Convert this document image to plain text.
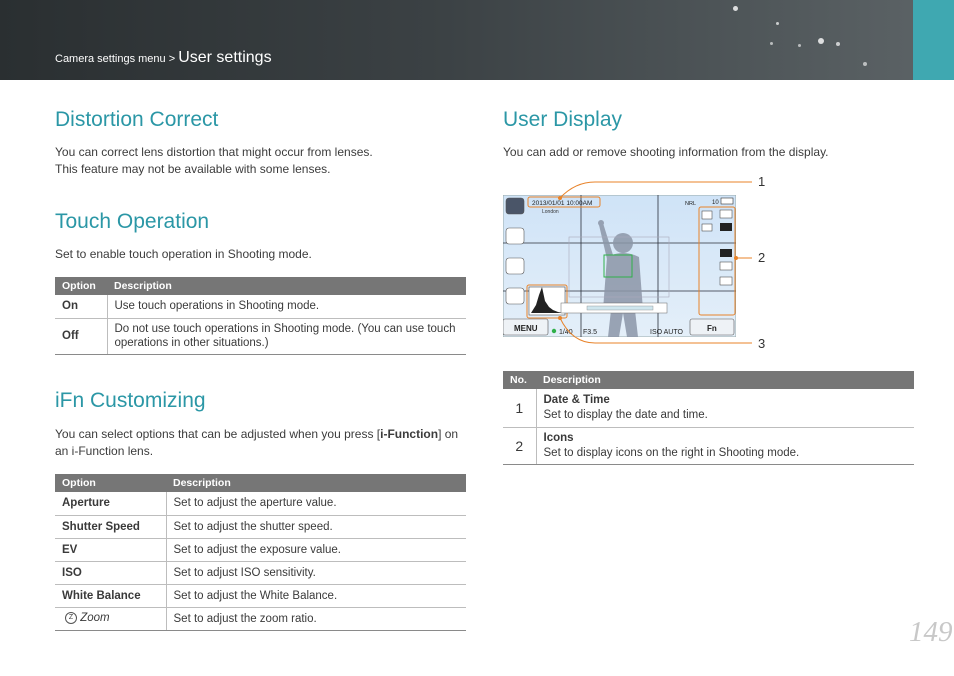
Camera settings menu > User settings
Distortion Correct

You can correct lens distortion that might occur from lenses.
This feature may not be available with some lenses.

Touch Operation

Set to enable touch operation in Shooting mode.

Option	Description
On	Use touch operations in Shooting mode.
Off	Do not use touch operations in Shooting mode. (You can use touch operations in other situations.)
iFn Customizing

You can select options that can be adjusted when you press [i-Function] on an i-Function lens.

Option	Description
Aperture	Set to adjust the aperture value.
Shutter Speed	Set to adjust the shutter speed.
EV	Set to adjust the exposure value.
ISO	Set to adjust ISO sensitivity.
White Balance	Set to adjust the White Balance.
Z Zoom	Set to adjust the zoom ratio.
User Display

You can add or remove shooting information from the display.

2013/01/01 10:00AM
London
NRL	10
MENU	1/40 F3.5	ISO AUTO	Fn
1
2
3
No.	Description
1	Date & Time
Set to display the date and time.
2	Icons
Set to display icons on the right in Shooting mode.
149
